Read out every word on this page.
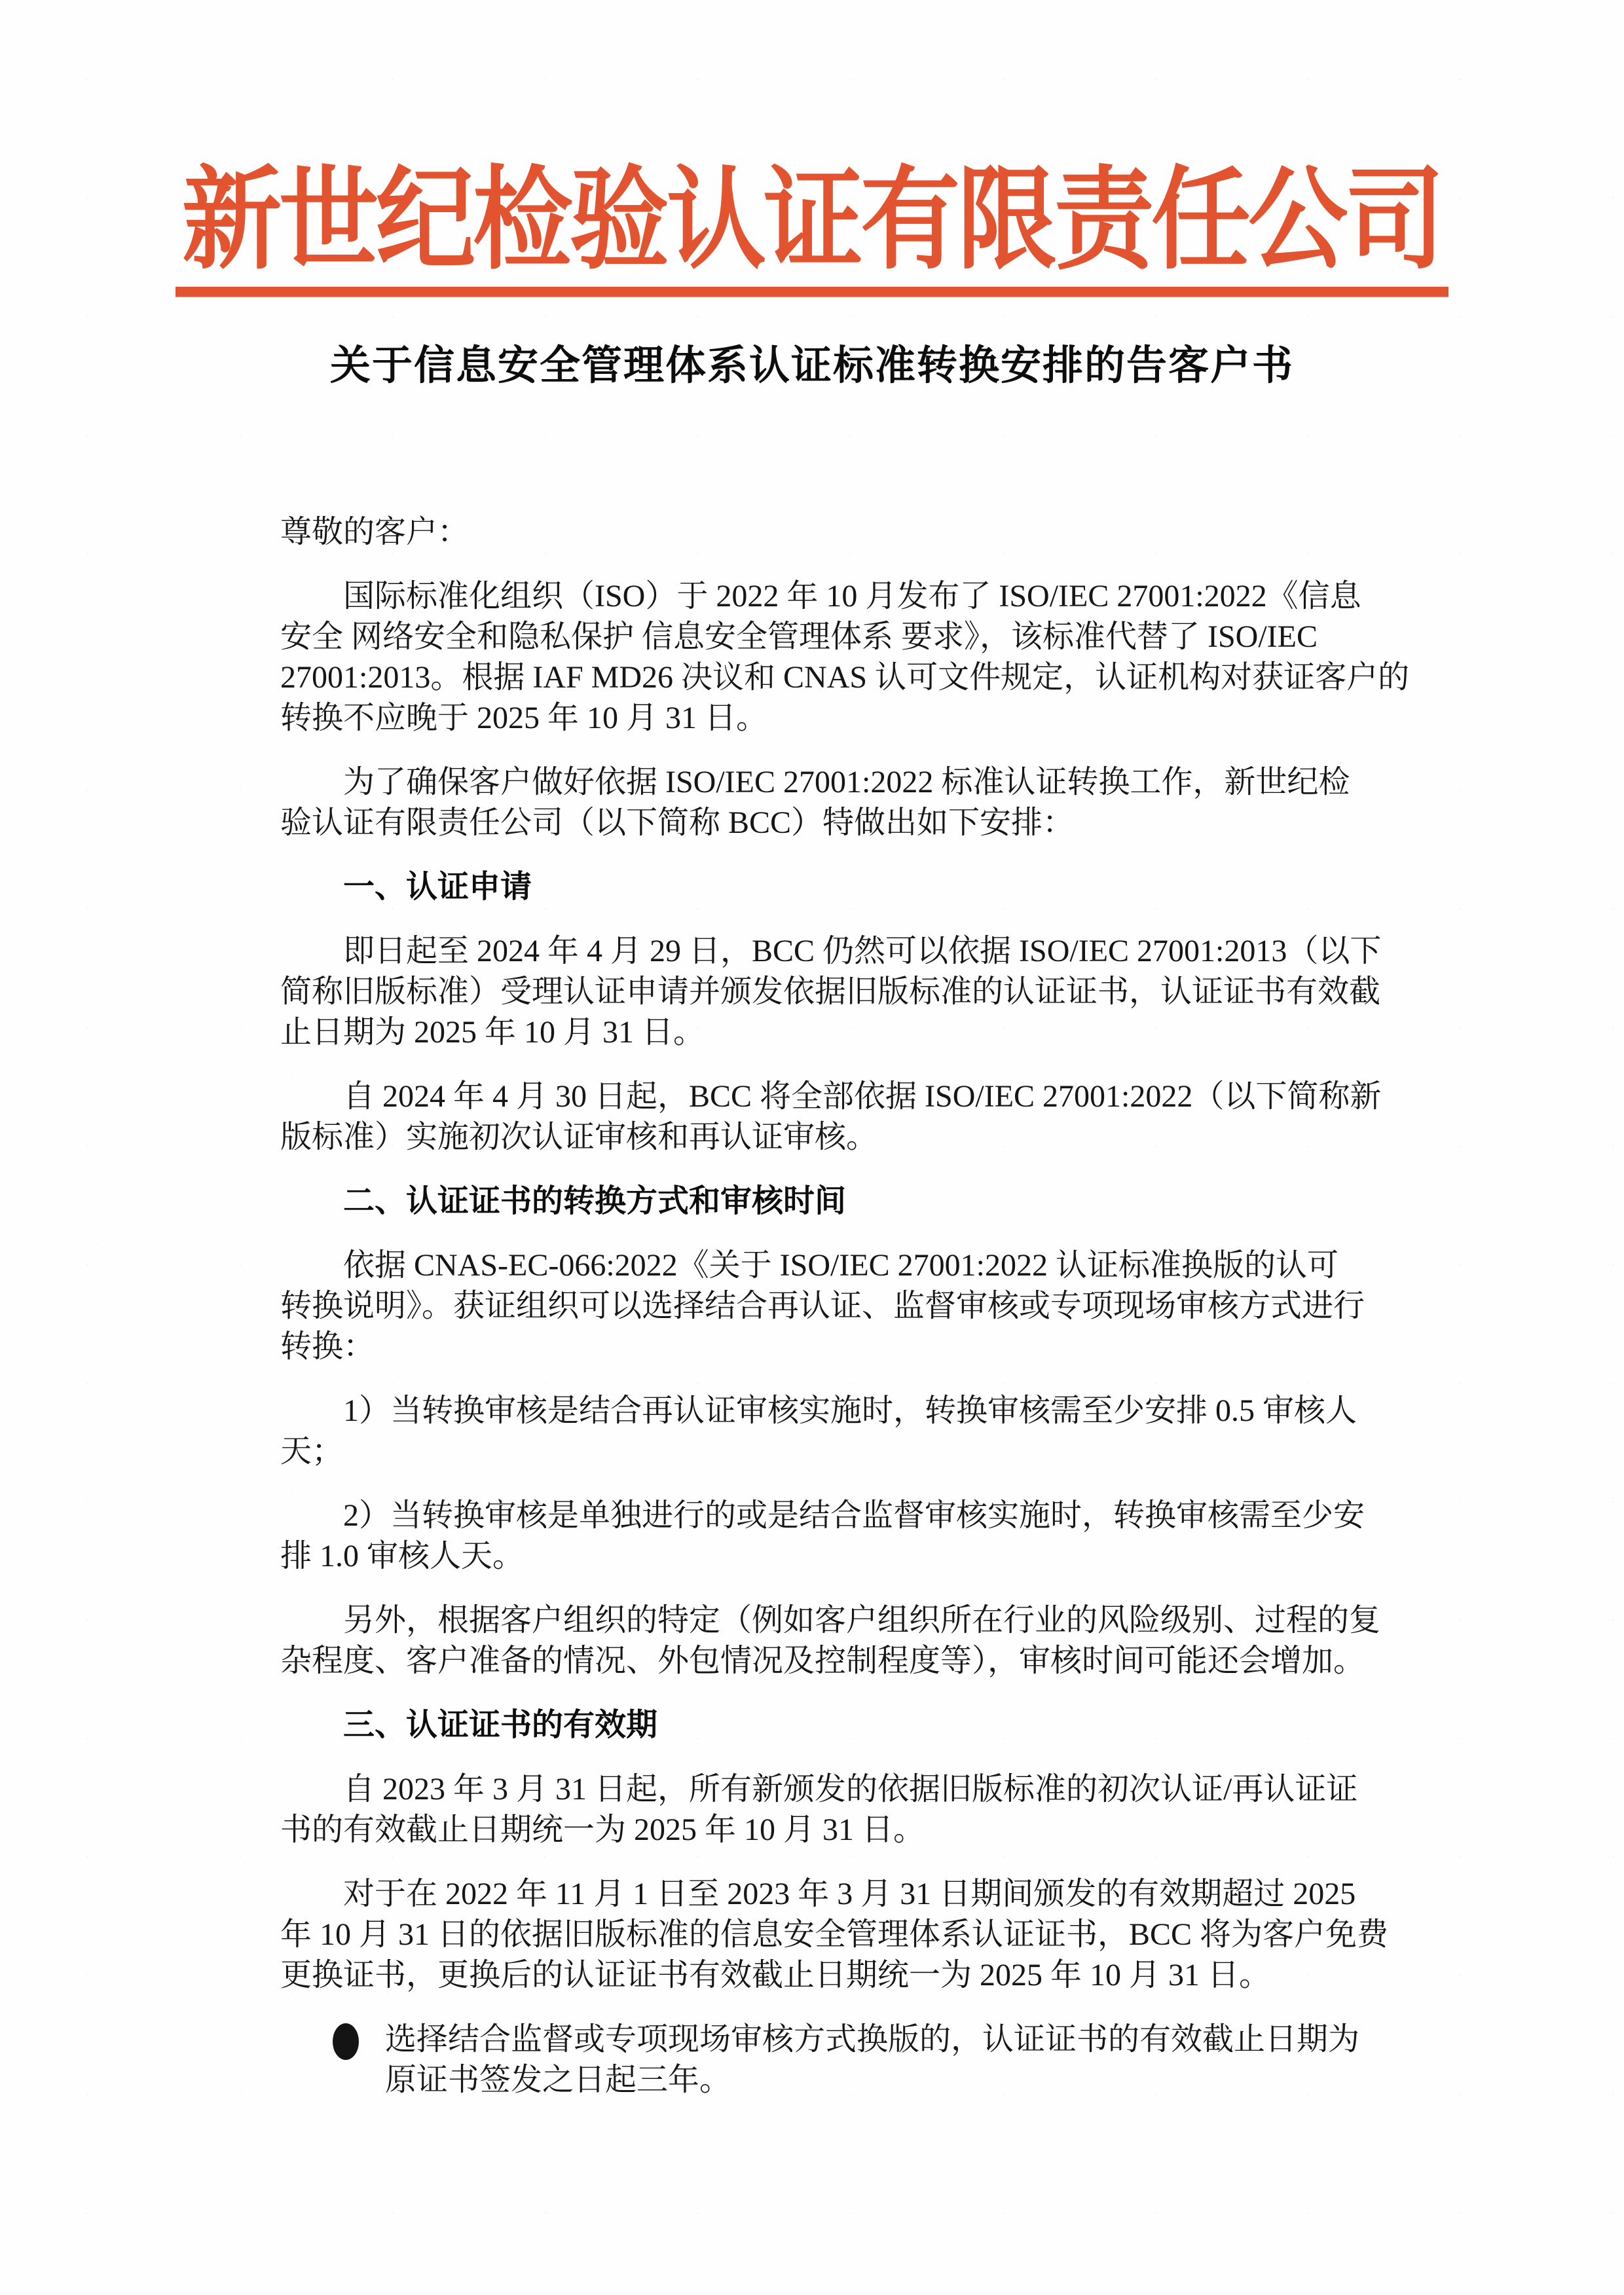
新世纪检验认证有限责任公司
关于信息安全管理体系认证标准转换安排的告客户书
尊敬的客户：
国际标准化组织（ISO）于 2022 年 10 月发布了 ISO/IEC 27001:2022《信息
安全 网络安全和隐私保护 信息安全管理体系 要求》，该标准代替了 ISO/IEC
27001:2013。根据 IAF MD26 决议和 CNAS 认可文件规定，认证机构对获证客户的
转换不应晚于 2025 年 10 月 31 日。
为了确保客户做好依据 ISO/IEC 27001:2022 标准认证转换工作，新世纪检
验认证有限责任公司（以下简称 BCC）特做出如下安排：
一、认证申请
即日起至 2024 年 4 月 29 日，BCC 仍然可以依据 ISO/IEC 27001:2013（以下
简称旧版标准）受理认证申请并颁发依据旧版标准的认证证书，认证证书有效截
止日期为 2025 年 10 月 31 日。
自 2024 年 4 月 30 日起，BCC 将全部依据 ISO/IEC 27001:2022（以下简称新
版标准）实施初次认证审核和再认证审核。
二、认证证书的转换方式和审核时间
依据 CNAS-EC-066:2022《关于 ISO/IEC 27001:2022 认证标准换版的认可
转换说明》。获证组织可以选择结合再认证、监督审核或专项现场审核方式进行
转换：
1）当转换审核是结合再认证审核实施时，转换审核需至少安排 0.5 审核人
天；
2）当转换审核是单独进行的或是结合监督审核实施时，转换审核需至少安
排 1.0 审核人天。
另外，根据客户组织的特定（例如客户组织所在行业的风险级别、过程的复
杂程度、客户准备的情况、外包情况及控制程度等），审核时间可能还会增加。
三、认证证书的有效期
自 2023 年 3 月 31 日起，所有新颁发的依据旧版标准的初次认证/再认证证
书的有效截止日期统一为 2025 年 10 月 31 日。
对于在 2022 年 11 月 1 日至 2023 年 3 月 31 日期间颁发的有效期超过 2025
年 10 月 31 日的依据旧版标准的信息安全管理体系认证证书，BCC 将为客户免费
更换证书，更换后的认证证书有效截止日期统一为 2025 年 10 月 31 日。
选择结合监督或专项现场审核方式换版的，认证证书的有效截止日期为
原证书签发之日起三年。
